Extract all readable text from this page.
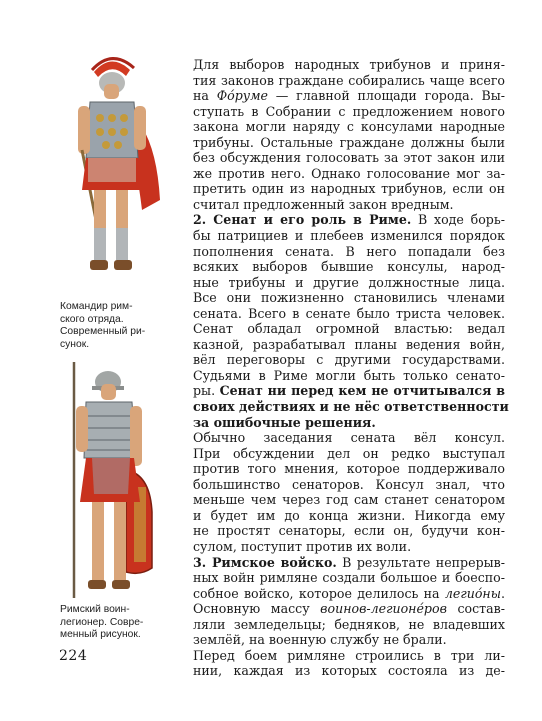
Командир рим-
ского отряда.
Современный ри-
сунок.
Римский воин-
легионер. Совре-
менный рисунок.

Для выборов народных трибунов и приня-
тия законов граждане собирались чаще всего
на Фо́руме — главной площади города. Вы-
ступать в Собрании с предложением нового
закона могли наряду с консулами народные
трибуны. Остальные граждане должны были
без обсуждения голосовать за этот закон или
же против него. Однако голосование мог за-
претить один из народных трибунов, если он
считал предложенный закон вредным.

2. Сенат и его роль в Риме. В ходе борь-
бы патрициев и плебеев изменился порядок
пополнения сената. В него попадали без
всяких выборов бывшие консулы, народ-
ные трибуны и другие должностные лица.
Все они пожизненно становились членами
сената. Всего в сенате было триста человек.
Сенат обладал огромной властью: ведал
казной, разрабатывал планы ведения войн,
вёл переговоры с другими государствами.
Судьями в Риме могли быть только сенато-
ры. Сенат ни перед кем не отчитывался в
своих действиях и не нёс ответственности
за ошибочные решения.

Обычно заседания сената вёл консул.
При обсуждении дел он редко выступал
против того мнения, которое поддерживало
большинство сенаторов. Консул знал, что
меньше чем через год сам станет сенатором
и будет им до конца жизни. Никогда ему
не простят сенаторы, если он, будучи кон-
сулом, поступит против их воли.

3. Римское войско. В результате непрерыв-
ных войн римляне создали большое и боеспо-
собное войско, которое делилось на легио́ны.
Основную массу воинов-легионе́ров состав-
ляли земледельцы; бедняков, не владевших
землёй, на военную службу не брали.

Перед боем римляне строились в три ли-
нии, каждая из которых состояла из де-

224
